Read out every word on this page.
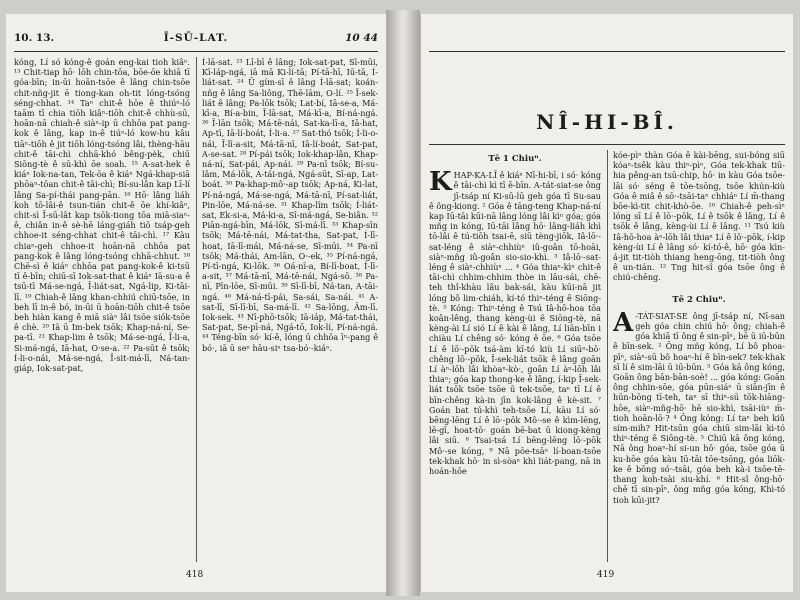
10. 13.	Ī-SŪ-LAT.	10 44

kóng, Lí só kóng-ê goán eng-kai tioh kiâⁿ. ¹³ Chit-tiap hō· lōh chin-tōa, bōe-ōe khiā tī góa-bīn; in-ūi hoān-tsōe ê lâng chin-tsōe chit-nñg-jit ē tiong-kan oh-tit lóng-tsóng séng-chhat. ¹⁴ Taⁿ chit-ê hōe ê thiúⁿ-ló taām tī chia tiōh kiâⁿ-tiōh chit-ê chhù-sū, hoān-nā chiah-ê siàⁿ-ip ū chhōa pat pang-kok ê lâng, kap in-ê tiúⁿ-ló kow-hu kâu tiāⁿ-tiōh ê jit tiōh lóng-tsóng lâi, thèng-hāu chit-ê tāi-chì chhā-khó bêng-pèk, chiū Siōng-tè ê sū-khì ōe soah. ¹⁵ A-sat-hek ê kiáⁿ Iok-na-tan, Tek-ōa ê kiáⁿ Ngá-khap-siā phōaⁿ-tōan chit-ê tāi-chì; Bí-su-lân kap Lī-lí lâng Sa-pí-thái pang-pān. ¹⁶ Hō· lâng liáh koh tō-lâi-ê tsun-tián chit-ê ōe khí-kiâⁿ, chit-sì Ī-sū-lât kap tsōk-tiong tōa miā-siaⁿ-ê, chiân in-ê sè-hē láng-giáh tiō tsáp-geh chhoe-it séng-chhat chit-ê tāi-chì. ¹⁷ Kàu chiaⁿ-geh chhoe-it hoān-nā chhōa pat pang-kok ê lâng lóng-tsóng chhā-chhut. ¹⁸ Chē-sì ê kiáⁿ chhōa pat pang-kok-ê ki-tsū tī ê-bīn; chiū-sī Iok-sat-that ê kiáⁿ Iā-su-a ê tsū-tī Má-se-ngá, Ī-liát-sat, Ngá-lip, Ki-tāi-lī. ¹⁹ Chiah-ê lâng khan-chhiú chiū-tsōe, in beh lī in-ê bó, in-ūi ū hoān-tiōh chit-ê tsōe beh hiàn kang ê miā siàⁿ lâi tsōe siók-tsōe ê chè. ²⁰ Iā ū Im-bek tsōk; Khap-ná-ní, Se-pa-tī. ²¹ Khap-lim ê tsōk; Má-se-ngá, Ī-li-a, Si-má-ngá, Iā-hat, O·se-a. ²² Pa-sūt ê tsōk; Í-li-o-nái, Má-se-ngá, Ī-sit-má-lī, Ná-tan-giáp, Iok-sat-pat,

Í-lā-sat. ²³ Lī-bī ê lâng; Iok-sat-pat, Sī-mūi, Kī-láp-ngá, iā mā Ki-lí-tā; Pí-tā-hī, Iū-tā, Í-liát-sat. ²⁴ Ū gím-sī ê lâng Í-lā-sat; koán-nñg ê lâng Sa-liông, Thē-lām, O-lí. ²⁵ Ī-sek-liát ê lâng; Pa-lōk tsōk; Lat-bí, Iā-se-a, Má-kī-a, Bí-a-bin, Ī-lā-sat, Má-kī-a, Bí-ná-ngá. ²⁶ Ī-lān tsōk; Má-tē-nái, Sat-ka-lī-a, Iā-hat, Ap-tī, Iā-lí-boát, Í-li-a. ²⁷ Sat-thó tsōk; Í-li-o-nái, Ī-lī-a-sit, Má-tā-nī, Iā-lí-boát, Sat-pat, A-se-sat. ²⁸ Pí-pái tsōk; Iok-khap-lân, Khap-ná-ní, Sat-pái, Ap-nái. ²⁹ Pa-nī tsōk; Bí-su-lâm, Má-lōk, A-tái-ngá, Ngá-sūt, Sī-ap, Lat-boát. ³⁰ Pa-khap-mô·-ap tsōk; Ap-ná, Ki-lat, Pí-ná-ngá, Má-se-ngá, Má-tā-nī, Pí-sat-liát, Pin-lōe, Má-ná-se. ³¹ Khap-lîm tsōk; Í-liát-sat, Ek-si-a, Má-ki-a, Sī-má-ngá, Se-biân. ³² Piān-ngá-bīn, Má-lōk, Sī-má-lī. ³³ Khap-sīn tsōk; Má-tē-nái, Má-tat-tha, Sat-pat, Í-lī-hoat, Iā-lī-mái, Má-ná-se, Sī-mūi. ³⁴ Pa-nī tsōk; Má-thái, Am-lān, O·-ek, ³⁵ Pí-ná-ngá, Pí-tī-ngá, Ki-lōk. ³⁶ Oá-nī-a, Bí-lī-boat, Í-lī-a-sit, ³⁷ Má-tā-nī, Má-tē-nái, Ngá-sō. ³⁸ Pa-nī, Pīn-lōe, Sī-mūi. ³⁹ Sī-lī-bī, Ná-tan, A-tāi-ngá. ⁴⁰ Má-ná-tī-pái, Sa-sái, Sa-nái. ⁴¹ A-sat-lī, Sī-lī-bī, Sa-má-lī. ⁴² Sa-lōng, Âm-lī. Iok-sek. ⁴³ Nī-phō-tsōk; Iā-iáp, Má-tat-thái, Sat-pat, Se-pī-ná, Ngá-tō, Iok-lí, Pí-ná-ngá. ⁴⁴ Téng-bīn só· kí-ê, lóng ū chhōa īⁿ-pang ê bó·, iā ū seⁿ hāu-siⁿ tsa-bó·-kiáⁿ.

418
NÎ-HI-BÎ.
Tē 1 Chiuⁿ.

KHAP-KA-LĪ ê kiáⁿ Nī-hi-bī, i só· kóng ê tāi-chì kì tī ē-bīn. A-tát-siat-se ông jī-tsáp ní Ki-sū-lū geh góa tī Su-sau ê ông-kiong. ² Góa ê tāng-teng Khap-ná-ní kap Iū-tāi kūi-nā lâng lóng lâi kìⁿ góa; góa mñg in kóng, Iū-tāi lâng hō· lâng-liáh khì tō-lâi ê tú-tiōh tsai-ē, siū tèng-jiōk, Iâ-lō·-sat-léng ê siàⁿ-chhiùⁿ iû-goân tō-hoāi, siàⁿ-mñg iû-goân sio-sio-khì. ³ Iâ-lō·-sat-léng ê siàⁿ-chhiùⁿ ... ⁴ Góa thiaⁿ-kìⁿ chit-ê tāi-chì chhim-chhim thòe in lāu-sái, chē-teh thî-khàu lâu bak-sái, kàu kūi-nā jit lóng bô lim-chiáh, kí-tó thiⁿ-téng ê Siōng-tè. ⁵ Kóng: Thiⁿ-téng ê Tsú Iâ-hō-hoa tōa koân-lêng, thang kèng-ùi ê Siōng-tè, nā kèng-ài Lí sió Lí ê kài ê lâng, Lí liān-bīn i chiàu Lí chêng só· kóng ê ōe. ⁶ Góa tsōe Lí ê lō·-pōk tsá-àm kī-tó kiù Lí siūⁿ-bō· chêng lō·-pōk, Ī-sek-liát tsōk ê lâng goān Lí àⁿ-lōh lâi khòaⁿ-kò·, goān Lí àⁿ-lōh lâi thiaⁿ; góa kap thong-ke ê lâng, í-kip Ī-sek-liát tsōk tsōe tsōe ū tek-tsōe, taⁿ tī Lí ê bīn-chêng kà-in jīn kok-lâng ê kè-sit. ⁷ Goán bat tú-khì teh-tsōe Lí, kàu Lí só· bēng-lēng Lí ê lō·-pōk Mô·-se ê kìm-lēng, lē-gī, hoat-tō· goán bē-bat ū kiong-kèng lâi siū. ⁸ Tsai-tsá Lí bēng-lēng lō·-pōk Mô·-se kóng, ⁹ Nā pōe-tsāⁿ lí-boan-tsōe tek-khak hō· in sì-sòaⁿ khì liát-pang, nā in hoán-hōe

kóe-pìⁿ thàn Góa ê kài-bēng, sui-bóng siū kóaⁿ-tsêk kàu thiⁿ-pìⁿ, Góa tek-khak tiū-hia pêng-an tsū-chip, hō· in kàu Góa tsōe-lāi só· séng ê tōe-tsōng, tsōe khún-kiù Góa ê miâ ê sō·-tsāi-taⁿ chhiáⁿ Lí m̄-thang bōe-kì-tit chit-khò-ōe. ¹⁰ Chiah-ê peh-sìⁿ lóng sī Lí ê lō·-pōk, Lí ê tsōk ê lâng, Lí ê tsōk ê lâng, kèng-ùi Lí ê lâng. ¹¹ Tsú kiù Iâ-hō-hoa àⁿ-lōh lâi thiaⁿ Lí ê lō·-pōk, í-kip kèng-ùi Lí ê lâng só· kí-tó-ê, hō· góa kìn-á-jit tit-tiòh thiang heng-ōng, tit-tiòh ông ê un-tián. ¹² Tng hit-sî góa tsōe ông ê chiú-chēng.

Tē 2 Chiuⁿ.

A -TÁT-SIAT-SE ông jī-tsáp ní, Nī-san geh góa chin chiú hō· ông; chiah-ê góa khiā tī ông ê sin-pīⁿ, bē ū iū-būn ê bīn-sek. ² Ông mñg kóng, Lí bô phoa-pīⁿ, siàⁿ-sū bô hoaⁿ-hí ê bīn-sek? tek-khak sī lí ê sim-lāi ū iū-būn. ³ Góa kā ông kóng, Goān ông bān-bān-soè! ... góa kóng: Goān ông chhin-sōe, góa pūn-siáⁿ ū siān-jīn ê hūn-bōng tī-teh, taⁿ sī thiⁿ-sū tōk-hiāng-hōe, siàⁿ-mñg-hō· hē sio-khì, tsāi-iùⁿ m̄-tioh hoān-lō·? ⁴ Ông kóng: Lí taⁿ beh kiû sím-mih? Hit-tsūn góa chiū sim-lāi kì-tó thiⁿ-téng ê Siōng-tè. ⁵ Chiū kā ông kóng, Nā ông hoaⁿ-hí si-un hō· góa, tsōe góa ū ku-hōe góa kàu Iū-tāi tōe-tsōng, góa liōk-ke ê bōng só·-tsāi, góa beh kà-i tsōe-tē-thang koh-tsài siu-khí. ⁶ Hit-sî ông-hō· chē tī sin-pīⁿ, ông mñg góa kóng, Khì-tó tioh kūi-jit?

419
